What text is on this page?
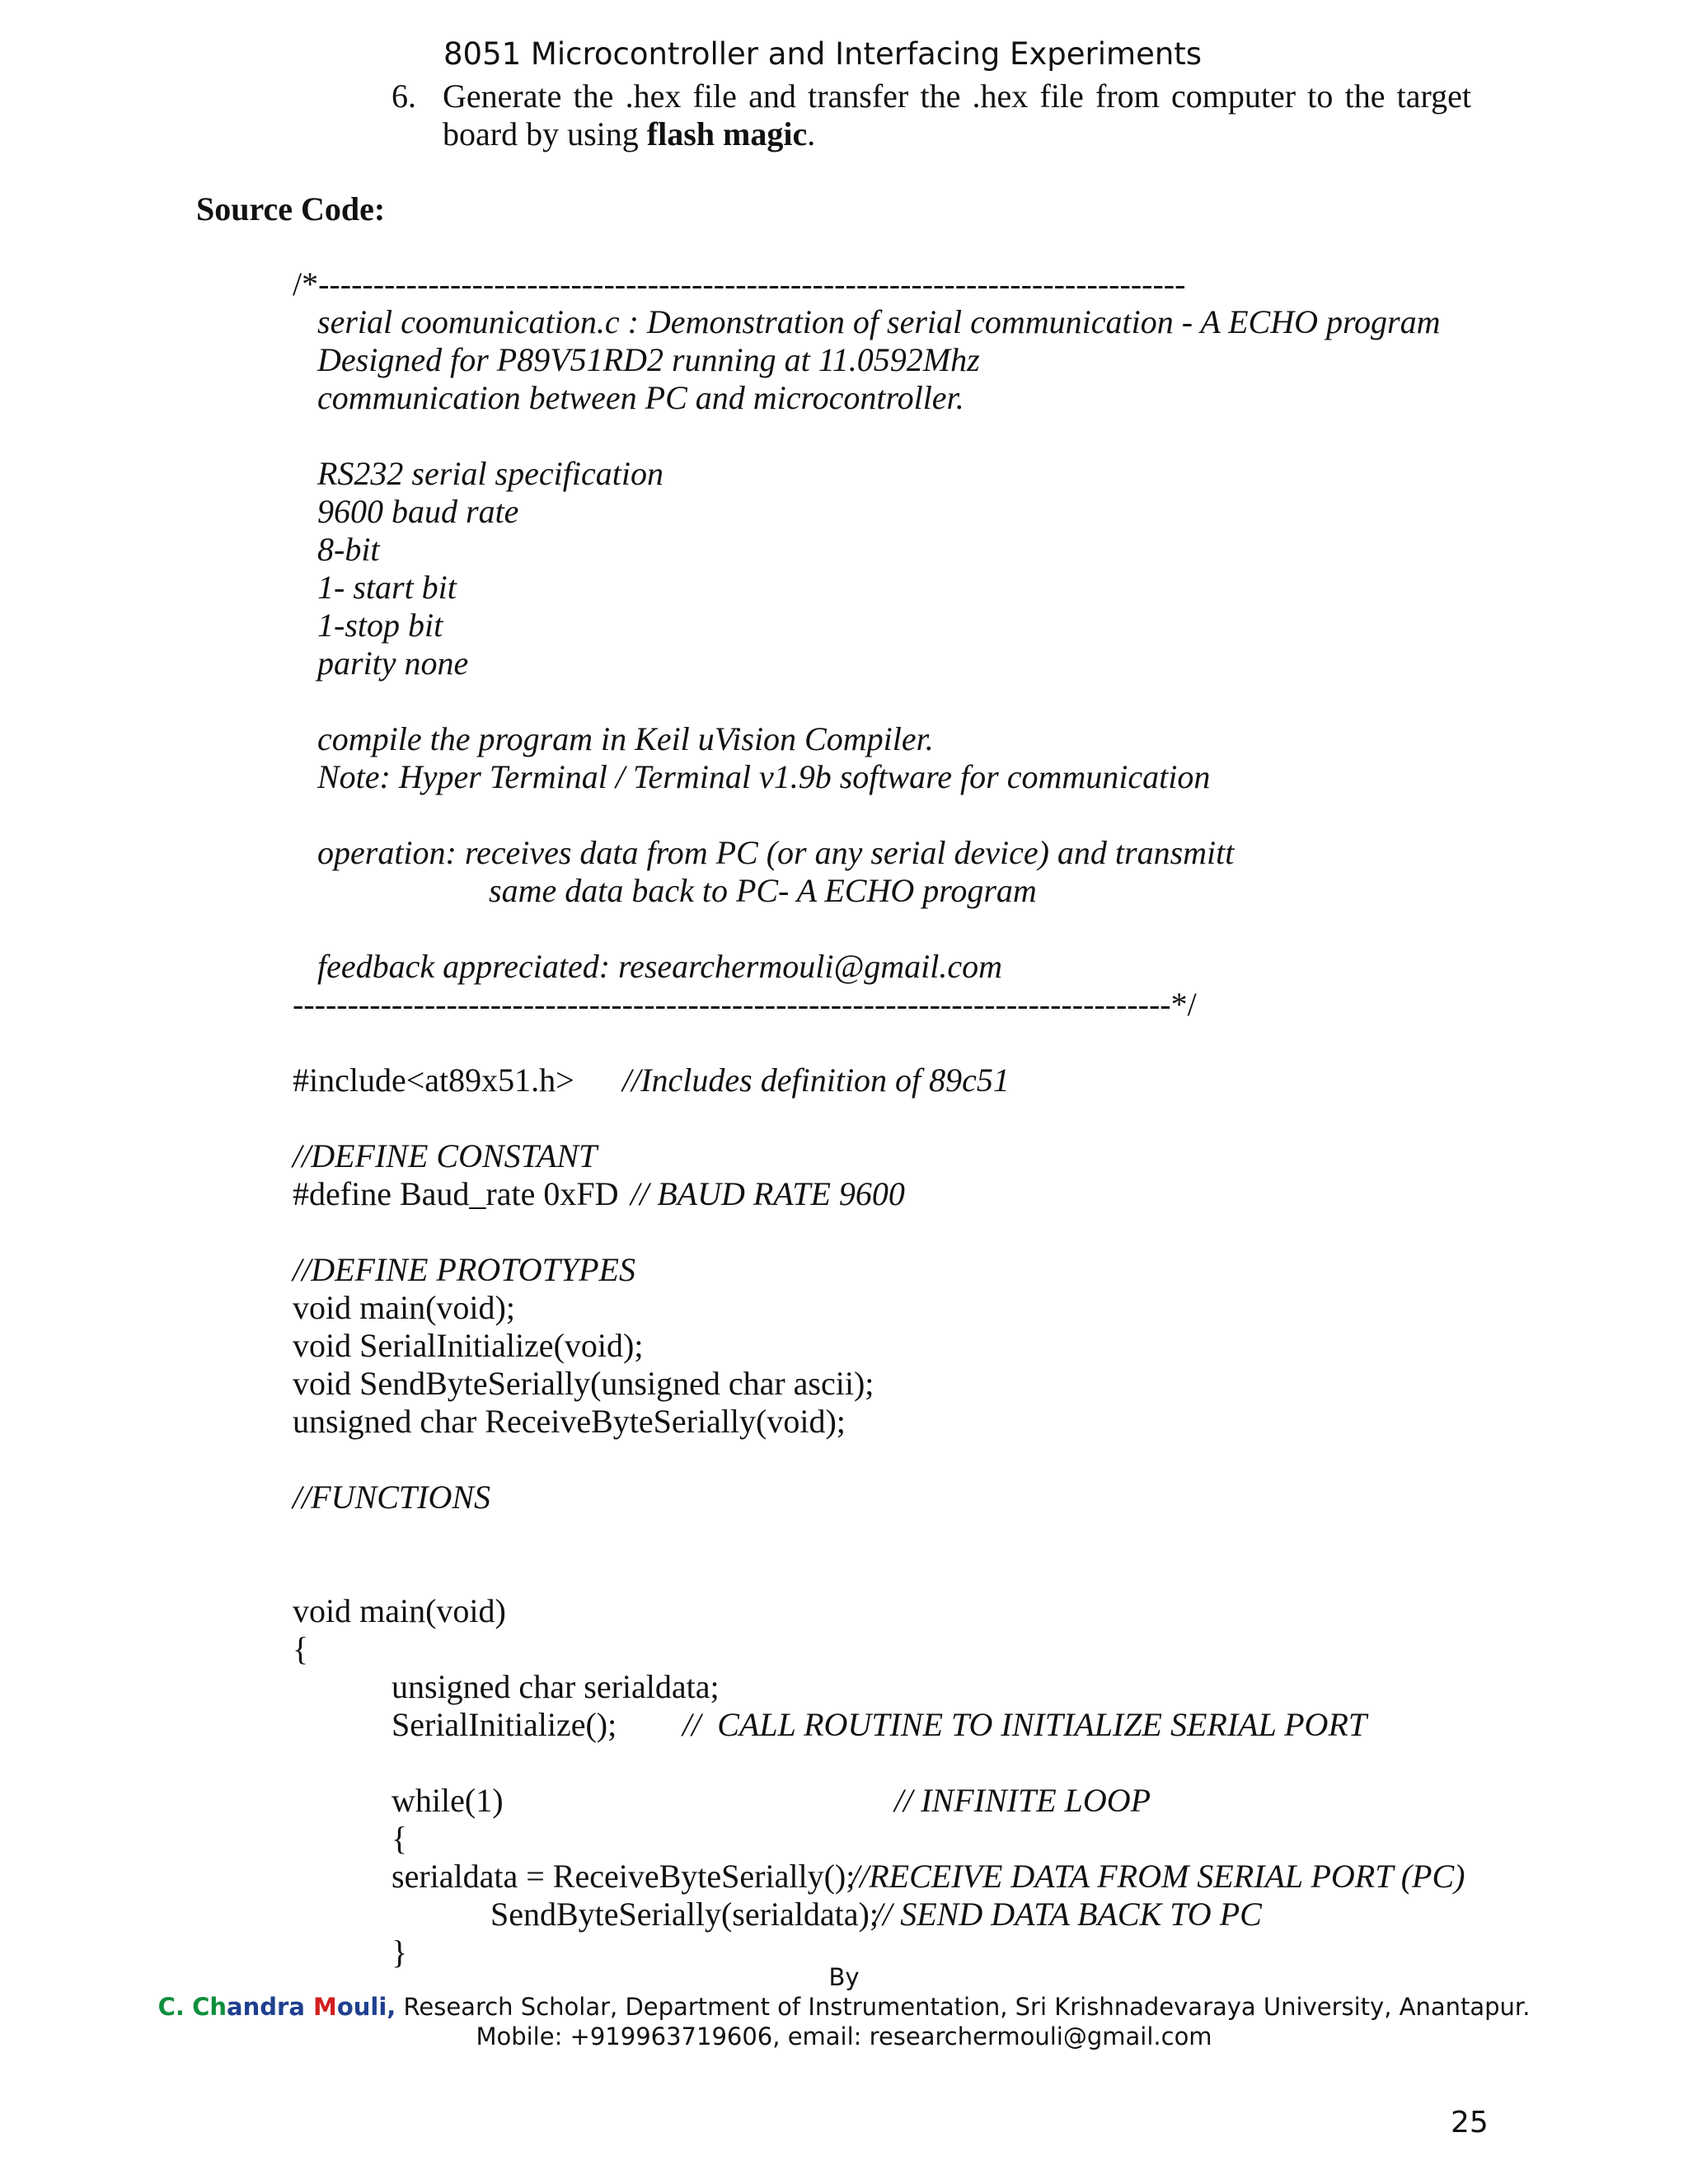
8051 Microcontroller and Interfacing Experiments
6. Generate the .hex file and transfer the .hex file from computer to the target board by using flash magic.
Source Code:
/*-------------------------------------------------------------------------------
serial coomunication.c : Demonstration of serial communication - A ECHO program
Designed for P89V51RD2 running at 11.0592Mhz
communication between PC and microcontroller.
RS232 serial specification
9600 baud rate
8-bit
1- start bit
1-stop bit
parity none
compile the program in Keil uVision Compiler.
Note: Hyper Terminal / Terminal v1.9b software for communication
operation: receives data from PC (or any serial device) and transmitt
same data back to PC- A ECHO program
feedback appreciated: researchermouli@gmail.com
--------------------------------------------------------------------------------*/
#include<at89x51.h> //Includes definition of 89c51
//DEFINE CONSTANT
#define Baud_rate 0xFD // BAUD RATE 9600
//DEFINE PROTOTYPES
void main(void);
void SerialInitialize(void);
void SendByteSerially(unsigned char ascii);
unsigned char ReceiveByteSerially(void);
//FUNCTIONS
void main(void)
{
unsigned char serialdata;
SerialInitialize(); //  CALL ROUTINE TO INITIALIZE SERIAL PORT
while(1)	// INFINITE LOOP
{
serialdata = ReceiveByteSerially();
//RECEIVE DATA FROM SERIAL PORT (PC)
SendByteSerially(serialdata);
// SEND DATA BACK TO PC
}
By
C. Chandra Mouli, Research Scholar, Department of Instrumentation, Sri Krishnadevaraya University, Anantapur.
Mobile: +919963719606, email: researchermouli@gmail.com
25
